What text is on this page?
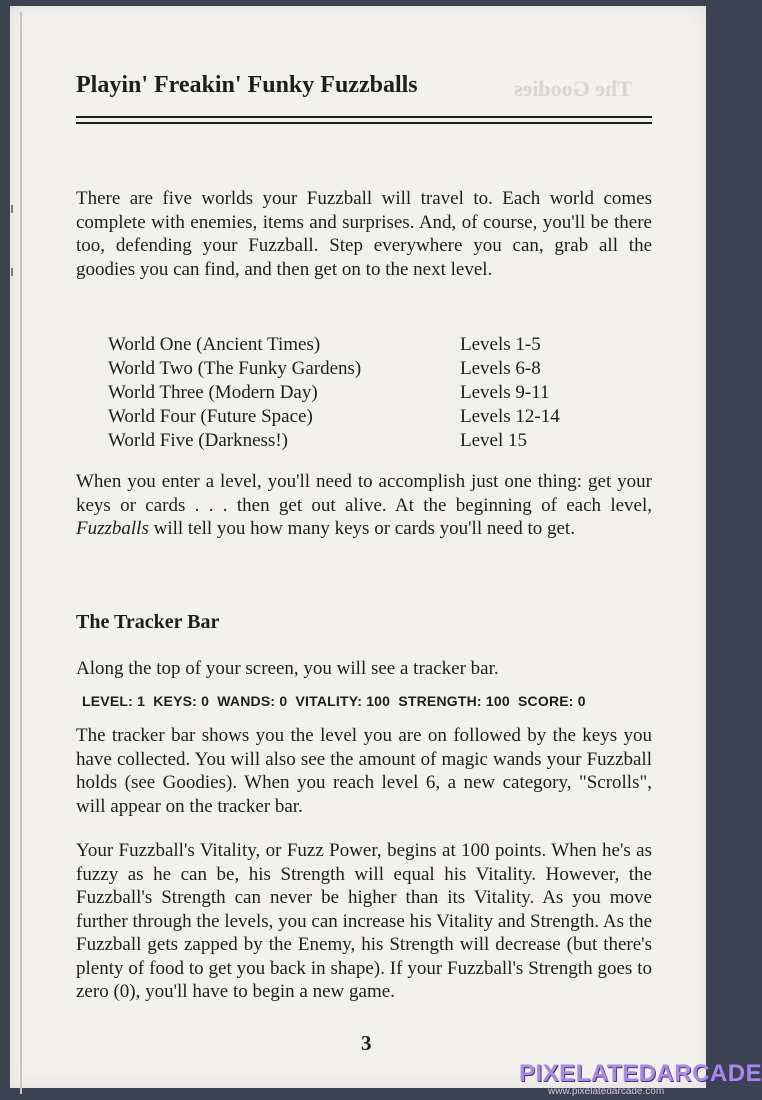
The Goodies
Playin' Freakin' Funky Fuzzballs
There are five worlds your Fuzzball will travel to. Each world comes complete with enemies, items and surprises. And, of course, you'll be there too, defending your Fuzzball. Step everywhere you can, grab all the goodies you can find, and then get on to the next level.
World One (Ancient Times)	Levels 1-5
World Two (The Funky Gardens)	Levels 6-8
World Three (Modern Day)	Levels 9-11
World Four (Future Space)	Levels 12-14
World Five (Darkness!)	Level 15
When you enter a level, you'll need to accomplish just one thing: get your keys or cards . . . then get out alive. At the beginning of each level, Fuzzballs will tell you how many keys or cards you'll need to get.
The Tracker Bar
Along the top of your screen, you will see a tracker bar.
LEVEL: 1  KEYS: 0  WANDS: 0  VITALITY: 100  STRENGTH: 100  SCORE: 0
The tracker bar shows you the level you are on followed by the keys you have collected. You will also see the amount of magic wands your Fuzzball holds (see Goodies). When you reach level 6, a new category, "Scrolls", will appear on the tracker bar.
Your Fuzzball's Vitality, or Fuzz Power, begins at 100 points. When he's as fuzzy as he can be, his Strength will equal his Vitality. However, the Fuzzball's Strength can never be higher than its Vitality. As you move further through the levels, you can increase his Vitality and Strength. As the Fuzzball gets zapped by the Enemy, his Strength will decrease (but there's plenty of food to get you back in shape). If your Fuzzball's Strength goes to zero (0), you'll have to begin a new game.
3
PIXELATEDARCADE
www.pixelatedarcade.com
